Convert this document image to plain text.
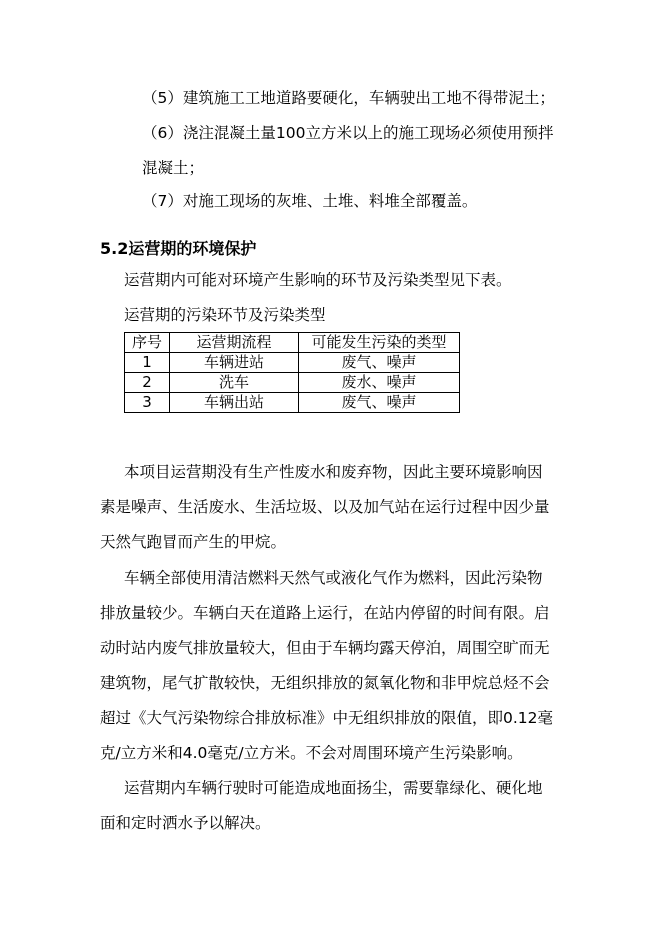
（5）建筑施工工地道路要硬化，车辆驶出工地不得带泥土；
（6）浇注混凝土量100立方米以上的施工现场必须使用预拌
混凝土；
（7）对施工现场的灰堆、土堆、料堆全部覆盖。
5.2运营期的环境保护
运营期内可能对环境产生影响的环节及污染类型见下表。
运营期的污染环节及污染类型
序号	运营期流程	可能发生污染的类型
1	车辆进站	废气、噪声
2	洗车	废水、噪声
3	车辆出站	废气、噪声
本项目运营期没有生产性废水和废弃物，因此主要环境影响因
素是噪声、生活废水、生活垃圾、以及加气站在运行过程中因少量
天然气跑冒而产生的甲烷。
车辆全部使用清洁燃料天然气或液化气作为燃料，因此污染物
排放量较少。车辆白天在道路上运行，在站内停留的时间有限。启
动时站内废气排放量较大，但由于车辆均露天停泊，周围空旷而无
建筑物，尾气扩散较快，无组织排放的氮氧化物和非甲烷总烃不会
超过《大气污染物综合排放标准》中无组织排放的限值，即0.12毫
克/立方米和4.0毫克/立方米。不会对周围环境产生污染影响。
运营期内车辆行驶时可能造成地面扬尘，需要靠绿化、硬化地
面和定时洒水予以解决。
